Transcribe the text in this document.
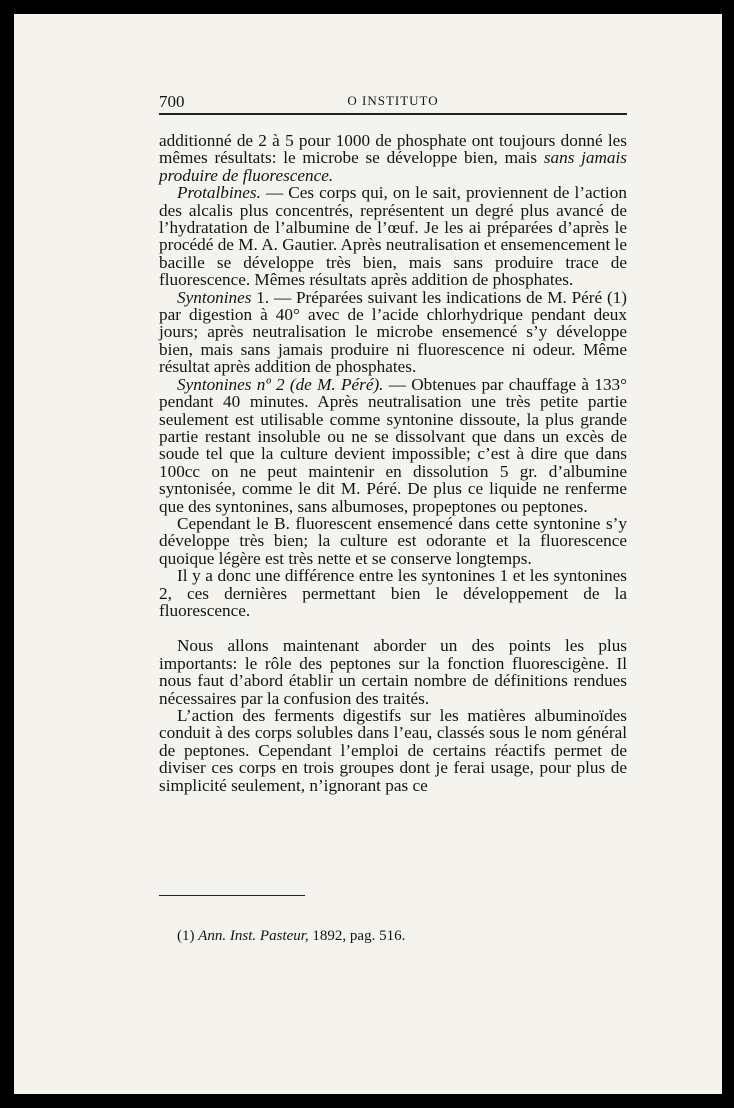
700	O INSTITUTO

additionné de 2 à 5 pour 1000 de phosphate ont toujours donné les mêmes résultats: le microbe se développe bien, mais sans jamais produire de fluorescence.

Protalbines. — Ces corps qui, on le sait, proviennent de l’action des alcalis plus concentrés, représentent un degré plus avancé de l’hydratation de l’albumine de l’œuf. Je les ai préparées d’après le procédé de M. A. Gautier. Après neutralisation et ensemencement le bacille se développe très bien, mais sans produire trace de fluorescence. Mêmes résultats après addition de phosphates.

Syntonines 1. — Préparées suivant les indications de M. Péré (1) par digestion à 40° avec de l’acide chlorhydrique pendant deux jours; après neutralisation le microbe ensemencé s’y développe bien, mais sans jamais produire ni fluorescence ni odeur. Même résultat après addition de phosphates.

Syntonines nº 2 (de M. Péré). — Obtenues par chauffage à 133° pendant 40 minutes. Après neutralisation une très petite partie seulement est utilisable comme syntonine dissoute, la plus grande partie restant insoluble ou ne se dissolvant que dans un excès de soude tel que la culture devient impossible; c’est à dire que dans 100cc on ne peut maintenir en dissolution 5 gr. d’albumine syntonisée, comme le dit M. Péré. De plus ce liquide ne renferme que des syntonines, sans albumoses, propeptones ou peptones.

Cependant le B. fluorescent ensemencé dans cette syntonine s’y développe très bien; la culture est odorante et la fluorescence quoique légère est très nette et se conserve longtemps.

Il y a donc une différence entre les syntonines 1 et les syntonines 2, ces dernières permettant bien le développement de la fluorescence.

Nous allons maintenant aborder un des points les plus importants: le rôle des peptones sur la fonction fluorescigène. Il nous faut d’abord établir un certain nombre de définitions rendues nécessaires par la confusion des traités.

L’action des ferments digestifs sur les matières albuminoïdes conduit à des corps solubles dans l’eau, classés sous le nom général de peptones. Cependant l’emploi de certains réactifs permet de diviser ces corps en trois groupes dont je ferai usage, pour plus de simplicité seulement, n’ignorant pas ce

(1) Ann. Inst. Pasteur, 1892, pag. 516.
